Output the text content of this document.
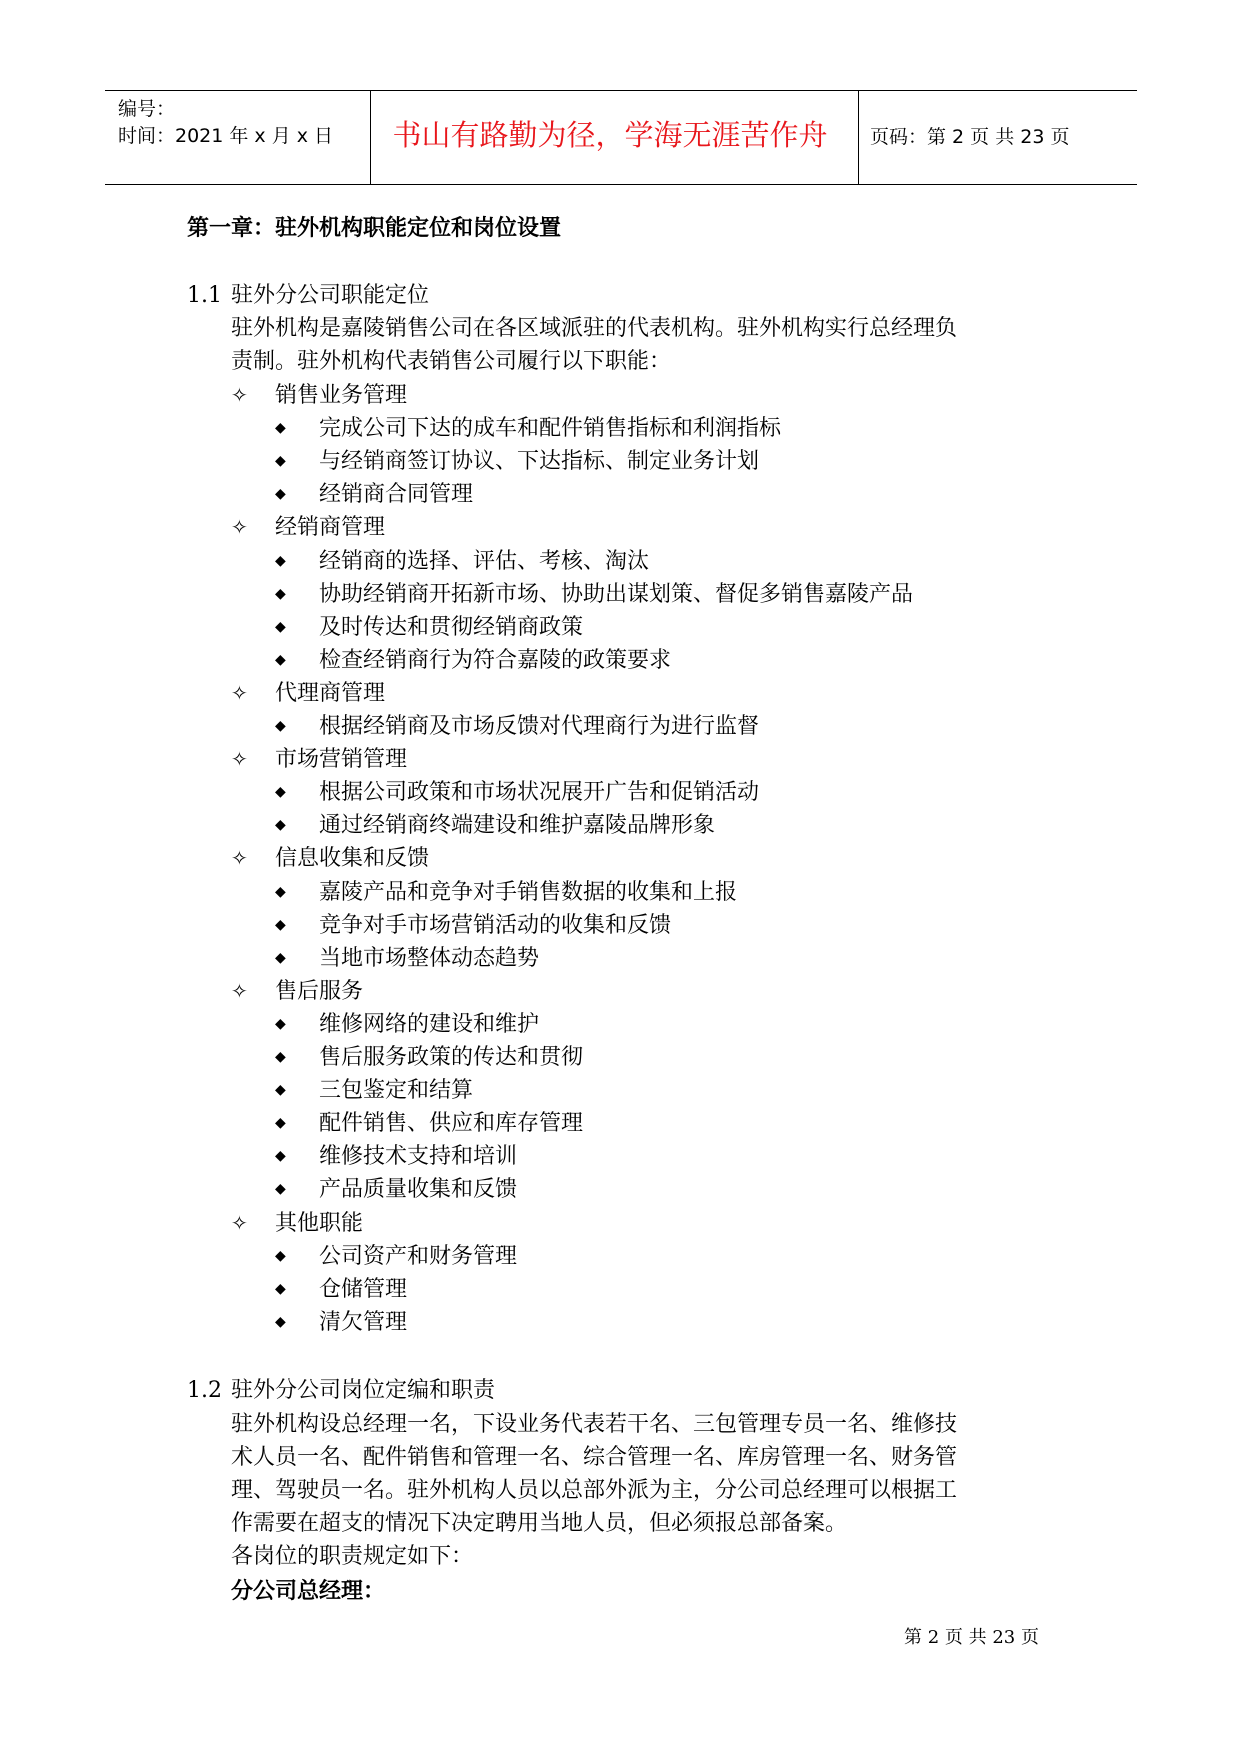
编号：
时间：2021 年 x 月 x 日	书山有路勤为径，学海无涯苦作舟	页码：第 2 页 共 23 页
第一章：驻外机构职能定位和岗位设置
1.1 驻外分公司职能定位
驻外机构是嘉陵销售公司在各区域派驻的代表机构。驻外机构实行总经理负
责制。驻外机构代表销售公司履行以下职能：
✧ 销售业务管理
◆ 完成公司下达的成车和配件销售指标和利润指标
◆ 与经销商签订协议、下达指标、制定业务计划
◆ 经销商合同管理
✧ 经销商管理
◆ 经销商的选择、评估、考核、淘汰
◆ 协助经销商开拓新市场、协助出谋划策、督促多销售嘉陵产品
◆ 及时传达和贯彻经销商政策
◆ 检查经销商行为符合嘉陵的政策要求
✧ 代理商管理
◆ 根据经销商及市场反馈对代理商行为进行监督
✧ 市场营销管理
◆ 根据公司政策和市场状况展开广告和促销活动
◆ 通过经销商终端建设和维护嘉陵品牌形象
✧ 信息收集和反馈
◆ 嘉陵产品和竞争对手销售数据的收集和上报
◆ 竞争对手市场营销活动的收集和反馈
◆ 当地市场整体动态趋势
✧ 售后服务
◆ 维修网络的建设和维护
◆ 售后服务政策的传达和贯彻
◆ 三包鉴定和结算
◆ 配件销售、供应和库存管理
◆ 维修技术支持和培训
◆ 产品质量收集和反馈
✧ 其他职能
◆ 公司资产和财务管理
◆ 仓储管理
◆ 清欠管理
1.2 驻外分公司岗位定编和职责
驻外机构设总经理一名，下设业务代表若干名、三包管理专员一名、维修技
术人员一名、配件销售和管理一名、综合管理一名、库房管理一名、财务管
理、驾驶员一名。驻外机构人员以总部外派为主，分公司总经理可以根据工
作需要在超支的情况下决定聘用当地人员，但必须报总部备案。
各岗位的职责规定如下：
分公司总经理：
第 2 页 共 23 页
